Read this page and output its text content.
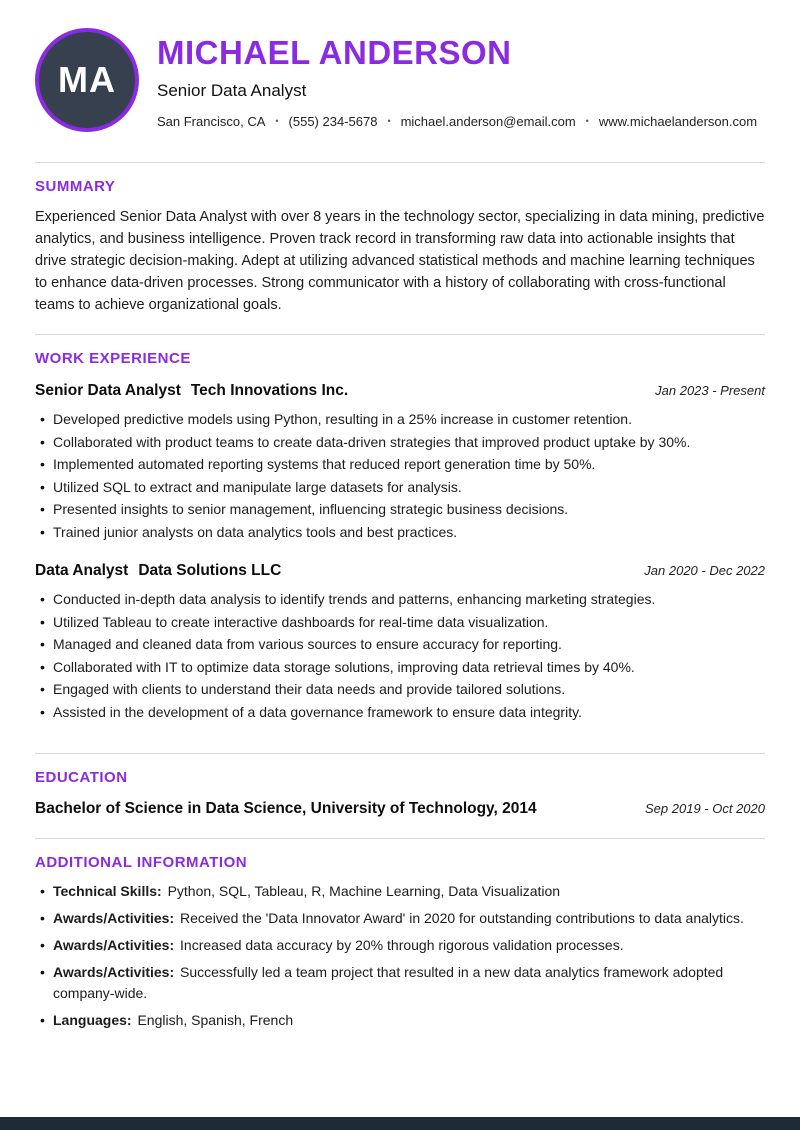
MA
MICHAEL ANDERSON
Senior Data Analyst
San Francisco, CA • (555) 234-5678 • michael.anderson@email.com • www.michaelanderson.com
SUMMARY

Experienced Senior Data Analyst with over 8 years in the technology sector, specializing in data mining, predictive analytics, and business intelligence. Proven track record in transforming raw data into actionable insights that drive strategic decision-making. Adept at utilizing advanced statistical methods and machine learning techniques to enhance data-driven processes. Strong communicator with a history of collaborating with cross-functional teams to achieve organizational goals.

WORK EXPERIENCE
Senior Data Analyst Tech Innovations Inc.	Jan 2023 - Present
• Developed predictive models using Python, resulting in a 25% increase in customer retention.
• Collaborated with product teams to create data-driven strategies that improved product uptake by 30%.
• Implemented automated reporting systems that reduced report generation time by 50%.
• Utilized SQL to extract and manipulate large datasets for analysis.
• Presented insights to senior management, influencing strategic business decisions.
• Trained junior analysts on data analytics tools and best practices.
Data Analyst Data Solutions LLC	Jan 2020 - Dec 2022
• Conducted in-depth data analysis to identify trends and patterns, enhancing marketing strategies.
• Utilized Tableau to create interactive dashboards for real-time data visualization.
• Managed and cleaned data from various sources to ensure accuracy for reporting.
• Collaborated with IT to optimize data storage solutions, improving data retrieval times by 40%.
• Engaged with clients to understand their data needs and provide tailored solutions.
• Assisted in the development of a data governance framework to ensure data integrity.
EDUCATION
Bachelor of Science in Data Science, University of Technology, 2014	Sep 2019 - Oct 2020
ADDITIONAL INFORMATION
• Technical Skills: Python, SQL, Tableau, R, Machine Learning, Data Visualization
• Awards/Activities: Received the 'Data Innovator Award' in 2020 for outstanding contributions to data analytics.
• Awards/Activities: Increased data accuracy by 20% through rigorous validation processes.
• Awards/Activities: Successfully led a team project that resulted in a new data analytics framework adopted company-wide.
• Languages: English, Spanish, French
